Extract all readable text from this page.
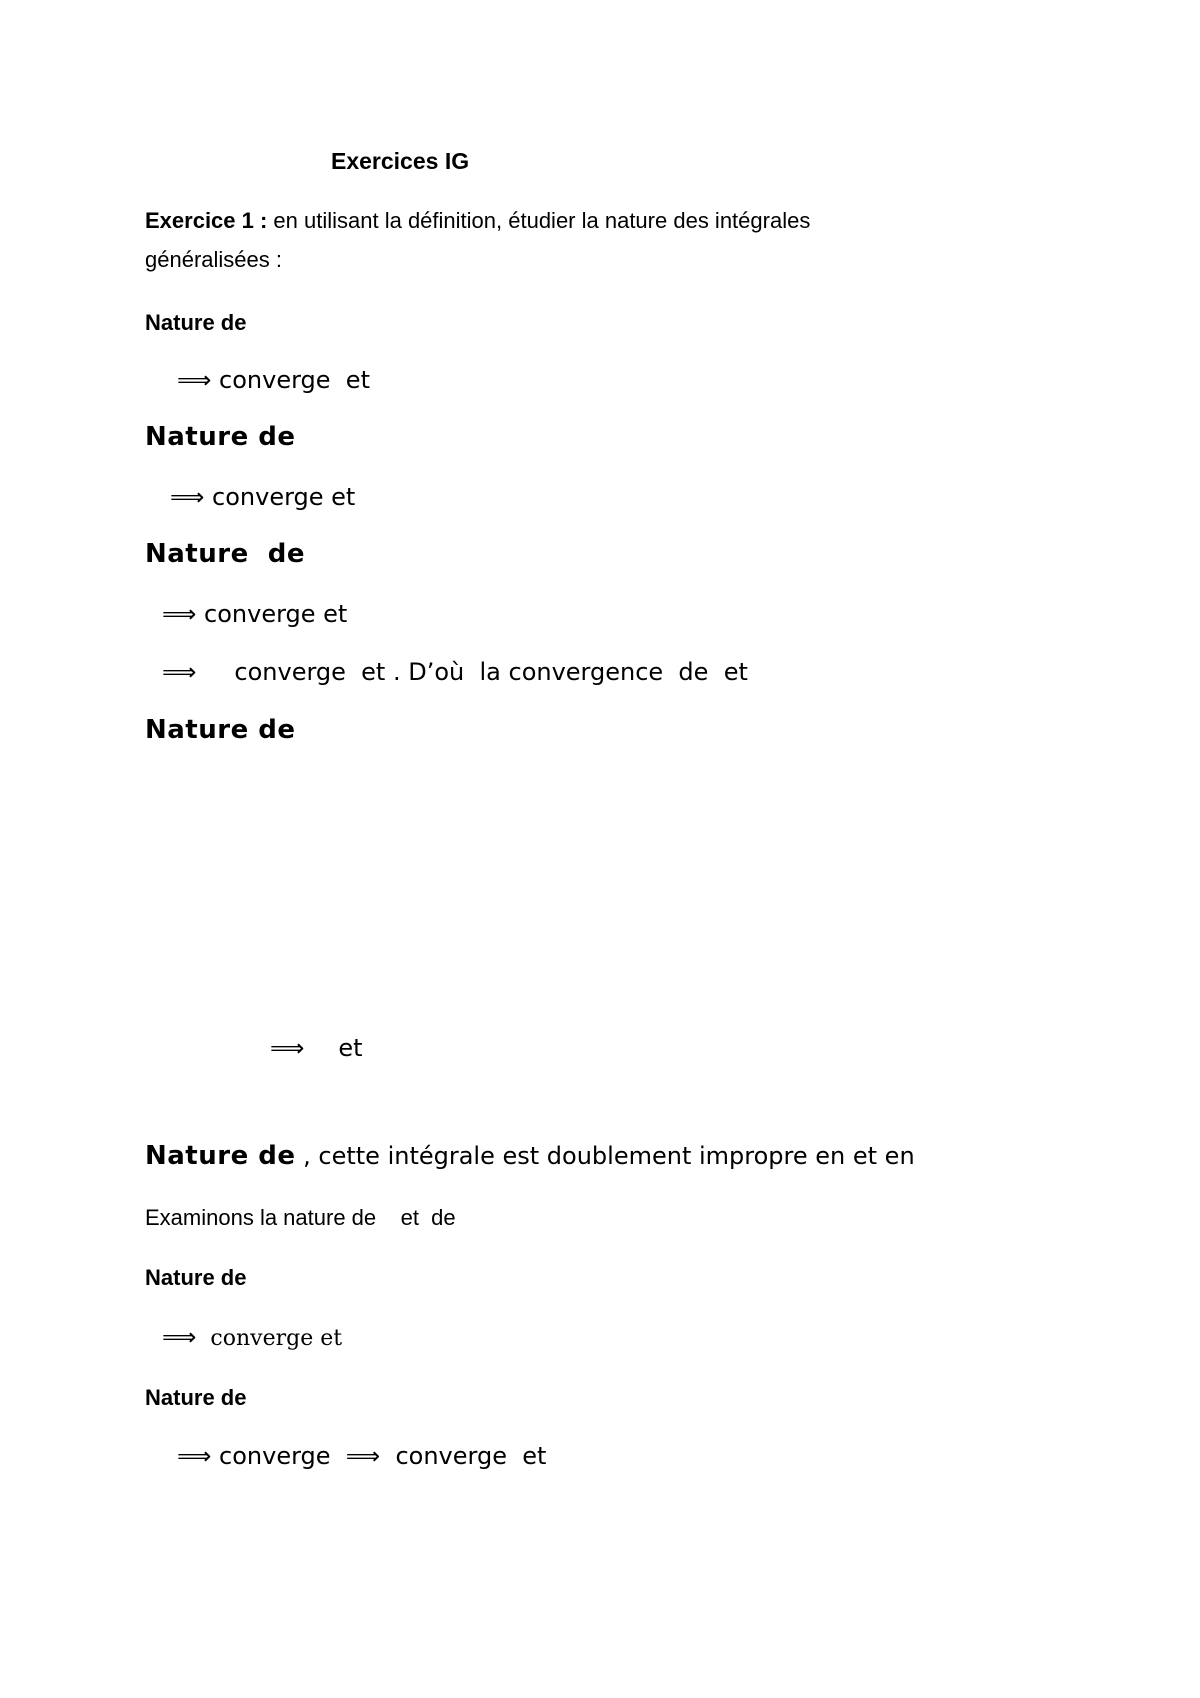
Exercices IG
Exercice 1 : en utilisant la définition, étudier la nature des intégrales
généralisées :
Nature de
⟹ converge  et
Nature de
⟹ converge et
Nature  de
⟹ converge et
⟹ converge  et . D’où  la convergence  de  et
Nature de
⟹ et
Nature de , cette intégrale est doublement impropre en et en
Examinons la nature de    et  de
Nature de
⟹ converge et
Nature de
⟹ converge  ⟹  converge  et
